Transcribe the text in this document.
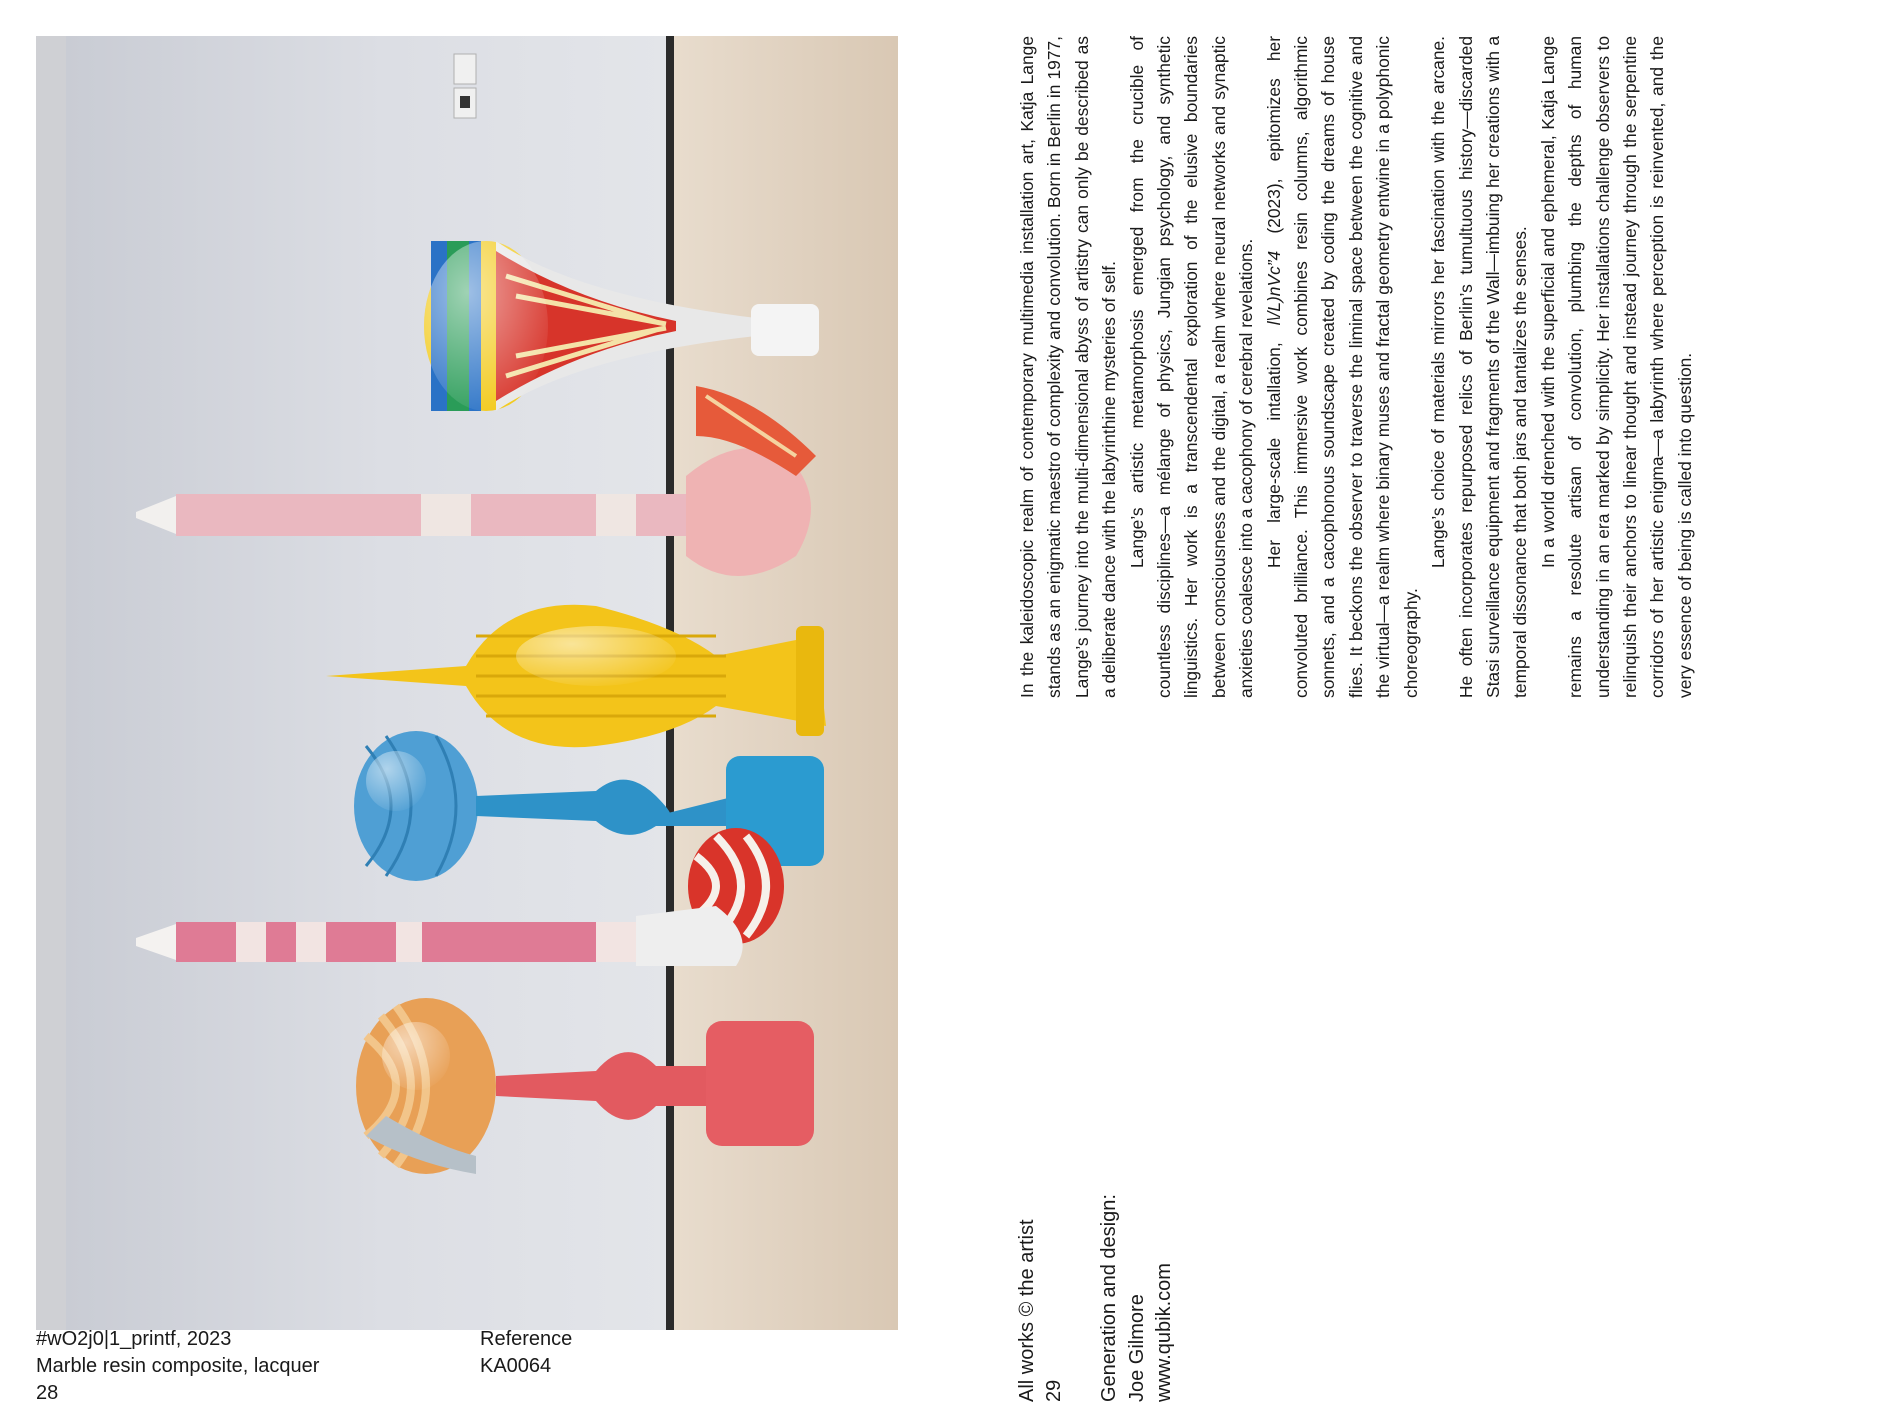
#wO2j0|1_printf, 2023
Marble resin composite, lacquer
28
Reference
KA0064

In the kaleidoscopic realm of contemporary multimedia installation art, Katja Lange stands as an enigmatic maestro of complexity and convolution. Born in Berlin in 1977, Lange’s journey into the multi-dimensional abyss of artistry can only be described as a deliberate dance with the labyrinthine mysteries of self. Lange’s artistic metamorphosis emerged from the crucible of countless disciplines—a mélange of physics, Jungian psychology, and synthetic linguistics. Her work is a transcendental exploration of the elusive boundaries between consciousness and the digital, a realm where neural networks and synaptic anxieties coalesce into a cacophony of cerebral revelations. Her large-scale intallation, l\/L)nVc”4 (2023), epitomizes her convoluted brilliance. This immersive work combines resin columns, algorithmic sonnets, and a cacophonous soundscape created by coding the dreams of house flies. It beckons the observer to traverse the liminal space between the cognitive and the virtual—a realm where binary muses and fractal geometry entwine in a polyphonic choreography.

Lange’s choice of materials mirrors her fascination with the arcane. He often incorporates repurposed relics of Berlin’s tumultuous history—discarded Stasi surveillance equipment and fragments of the Wall—imbuing her creations with a temporal dissonance that both jars and tantalizes the senses. In a world drenched with the superficial and ephemeral, Katja Lange remains a resolute artisan of convolution, plumbing the depths of human understanding in an era marked by simplicity. Her installations challenge observers to relinquish their anchors to linear thought and instead journey through the serpentine corridors of her artistic enigma—a labyrinth where perception is reinvented, and the very essence of being is called into question.

All works © the artist 29 Generation and design: Joe Gilmore www.qubik.com
